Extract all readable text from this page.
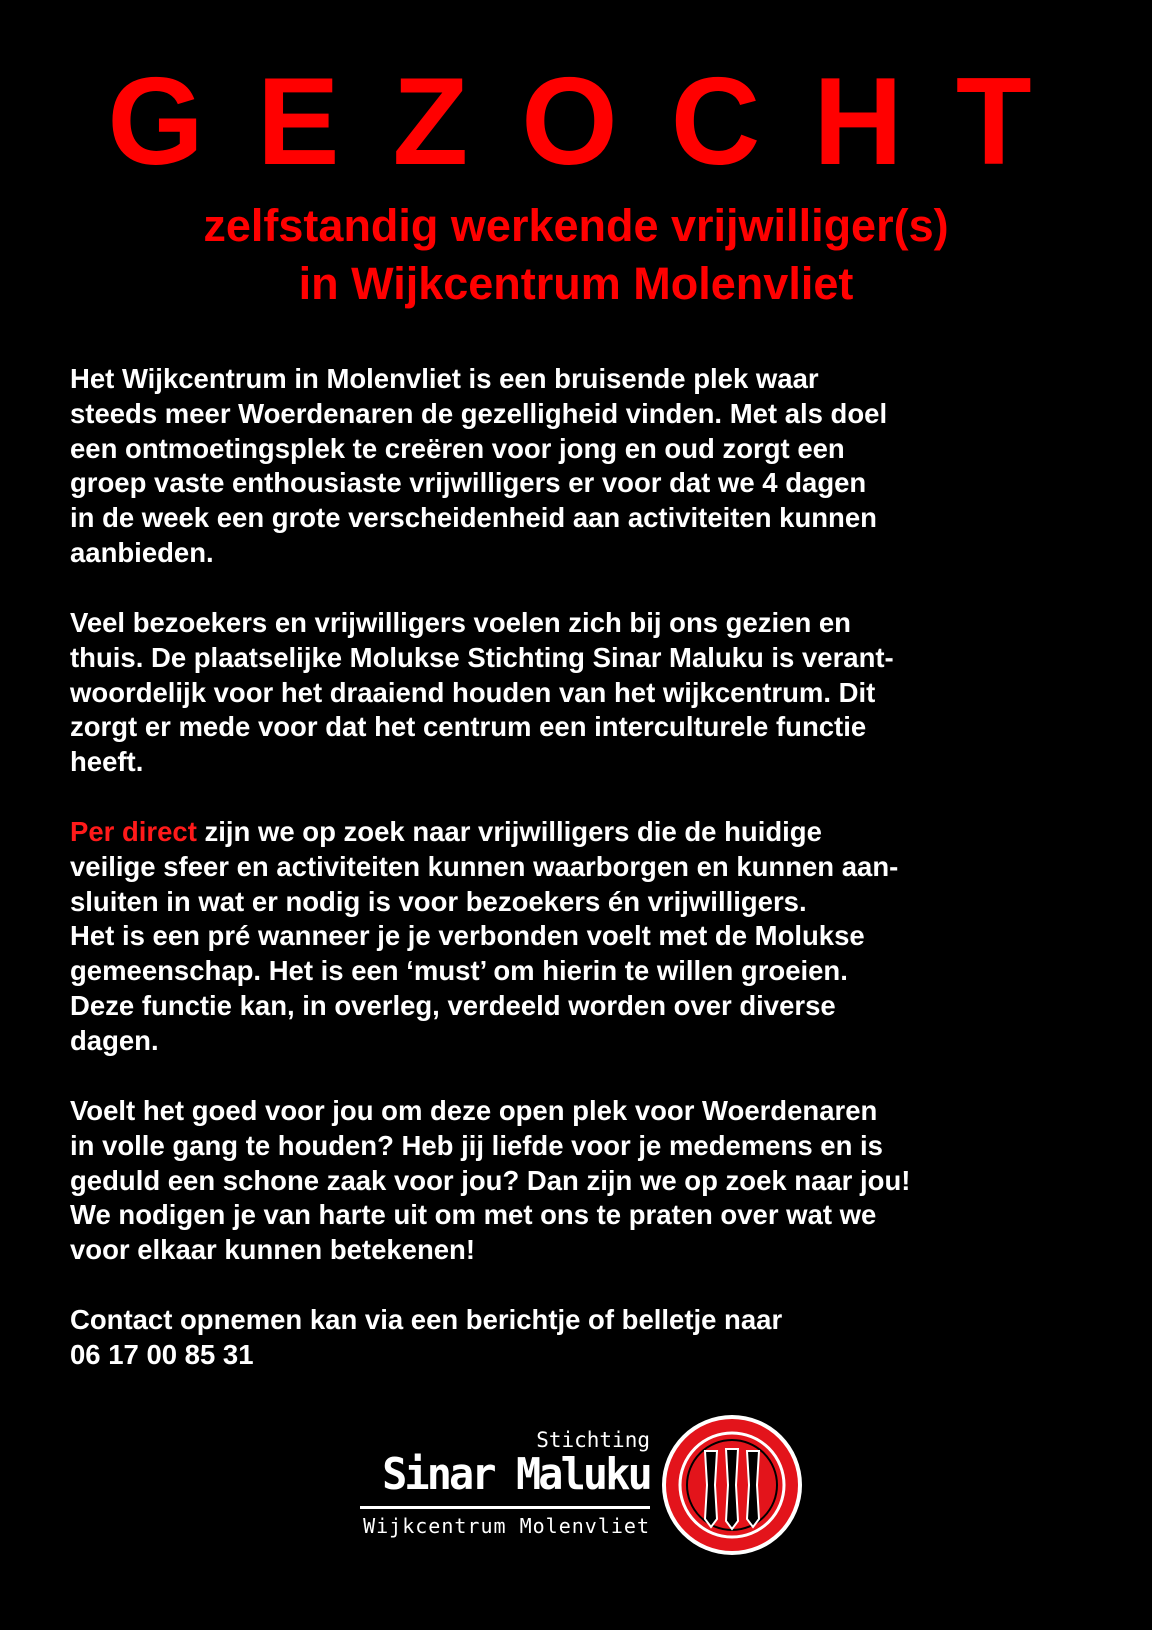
GEZOCHT
zelfstandig werkende vrijwilliger(s)
in Wijkcentrum Molenvliet

Het Wijkcentrum in Molenvliet is een bruisende plek waar
steeds meer Woerdenaren de gezelligheid vinden. Met als doel
een ontmoetingsplek te creëren voor jong en oud zorgt een
groep vaste enthousiaste vrijwilligers er voor dat we 4 dagen
in de week een grote verscheidenheid aan activiteiten kunnen
aanbieden.

Veel bezoekers en vrijwilligers voelen zich bij ons gezien en
thuis. De plaatselijke Molukse Stichting Sinar Maluku is verant-
woordelijk voor het draaiend houden van het wijkcentrum. Dit
zorgt er mede voor dat het centrum een interculturele functie
heeft.

Per direct zijn we op zoek naar vrijwilligers die de huidige
veilige sfeer en activiteiten kunnen waarborgen en kunnen aan-
sluiten in wat er nodig is voor bezoekers én vrijwilligers.
Het is een pré wanneer je je verbonden voelt met de Molukse
gemeenschap. Het is een ‘must’ om hierin te willen groeien.
Deze functie kan, in overleg, verdeeld worden over diverse
dagen.

Voelt het goed voor jou om deze open plek voor Woerdenaren
in volle gang te houden? Heb jij liefde voor je medemens en is
geduld een schone zaak voor jou? Dan zijn we op zoek naar jou!
We nodigen je van harte uit om met ons te praten over wat we
voor elkaar kunnen betekenen!

Contact opnemen kan via een berichtje of belletje naar
06 17 00 85 31

Stichting
Sinar Maluku
Wijkcentrum Molenvliet
